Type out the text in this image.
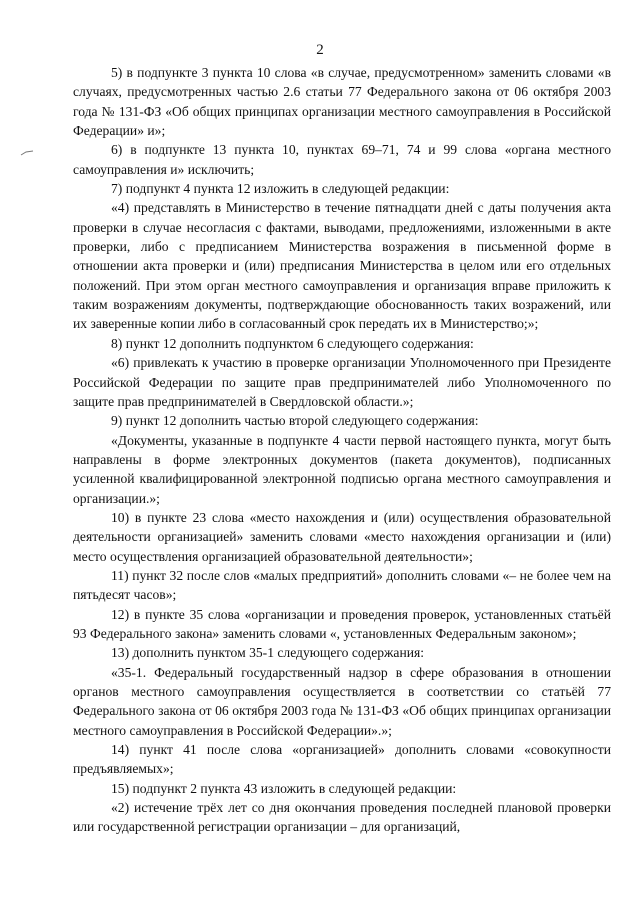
2

5) в подпункте 3 пункта 10 слова «в случае, предусмотренном» заменить словами «в случаях, предусмотренных частью 2.6 статьи 77 Федерального закона от 06 октября 2003 года № 131-ФЗ «Об общих принципах организации местного самоуправления в Российской Федерации» и»;

6) в подпункте 13 пункта 10, пунктах 69–71, 74 и 99 слова «органа местного самоуправления и» исключить;

7) подпункт 4 пункта 12 изложить в следующей редакции:

«4) представлять в Министерство в течение пятнадцати дней с даты получения акта проверки в случае несогласия с фактами, выводами, предложениями, изложенными в акте проверки, либо с предписанием Министерства возражения в письменной форме в отношении акта проверки и (или) предписания Министерства в целом или его отдельных положений. При этом орган местного самоуправления и организация вправе приложить к таким возражениям документы, подтверждающие обоснованность таких возражений, или их заверенные копии либо в согласованный срок передать их в Министерство;»;

8) пункт 12 дополнить подпунктом 6 следующего содержания:

«6) привлекать к участию в проверке организации Уполномоченного при Президенте Российской Федерации по защите прав предпринимателей либо Уполномоченного по защите прав предпринимателей в Свердловской области.»;

9) пункт 12 дополнить частью второй следующего содержания:

«Документы, указанные в подпункте 4 части первой настоящего пункта, могут быть направлены в форме электронных документов (пакета документов), подписанных усиленной квалифицированной электронной подписью органа местного самоуправления и организации.»;

10) в пункте 23 слова «место нахождения и (или) осуществления образовательной деятельности организацией» заменить словами «место нахождения организации и (или) место осуществления организацией образовательной деятельности»;

11) пункт 32 после слов «малых предприятий» дополнить словами «– не более чем на пятьдесят часов»;

12) в пункте 35 слова «организации и проведения проверок, установленных статьёй 93 Федерального закона» заменить словами «, установленных Федеральным законом»;

13) дополнить пунктом 35-1 следующего содержания:

«35-1. Федеральный государственный надзор в сфере образования в отношении органов местного самоуправления осуществляется в соответствии со статьёй 77 Федерального закона от 06 октября 2003 года № 131-ФЗ «Об общих принципах организации местного самоуправления в Российской Федерации».»;

14) пункт 41 после слова «организацией» дополнить словами «совокупности предъявляемых»;

15) подпункт 2 пункта 43 изложить в следующей редакции:

«2) истечение трёх лет со дня окончания проведения последней плановой проверки или государственной регистрации организации – для организаций,
